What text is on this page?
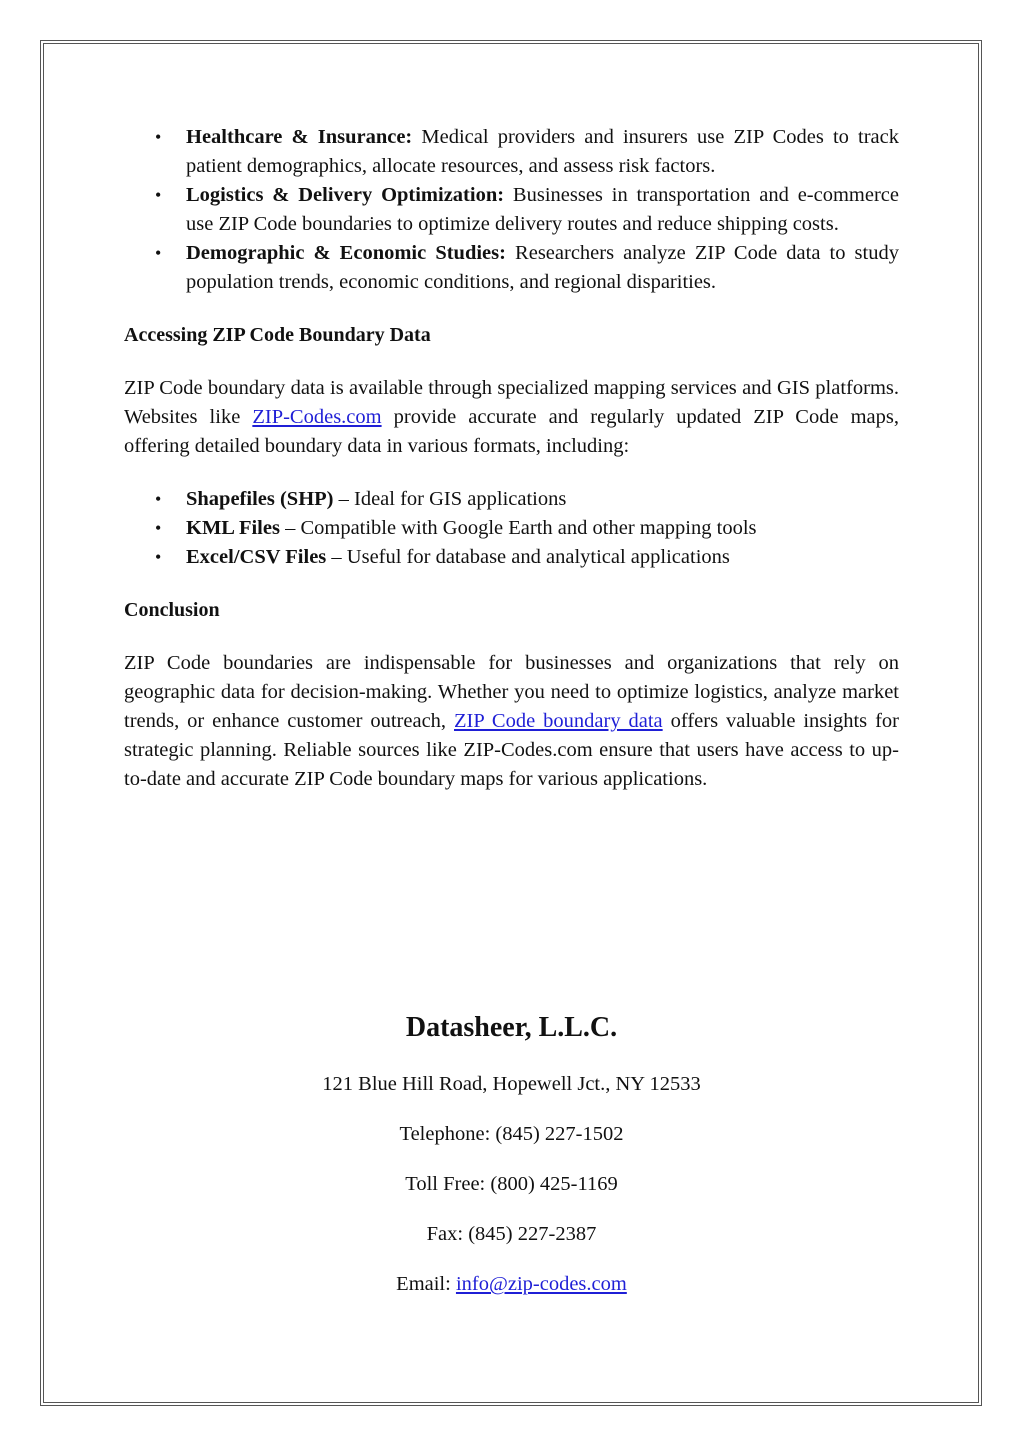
• Healthcare & Insurance: Medical providers and insurers use ZIP Codes to track patient demographics, allocate resources, and assess risk factors.
• Logistics & Delivery Optimization: Businesses in transportation and e-commerce use ZIP Code boundaries to optimize delivery routes and reduce shipping costs.
• Demographic & Economic Studies: Researchers analyze ZIP Code data to study population trends, economic conditions, and regional disparities.
Accessing ZIP Code Boundary Data

ZIP Code boundary data is available through specialized mapping services and GIS platforms. Websites like ZIP-Codes.com provide accurate and regularly updated ZIP Code maps, offering detailed boundary data in various formats, including:

• Shapefiles (SHP) – Ideal for GIS applications
• KML Files – Compatible with Google Earth and other mapping tools
• Excel/CSV Files – Useful for database and analytical applications
Conclusion

ZIP Code boundaries are indispensable for businesses and organizations that rely on geographic data for decision-making. Whether you need to optimize logistics, analyze market trends, or enhance customer outreach, ZIP Code boundary data offers valuable insights for strategic planning. Reliable sources like ZIP-Codes.com ensure that users have access to up-to-date and accurate ZIP Code boundary maps for various applications.

Datasheer, L.L.C.
121 Blue Hill Road, Hopewell Jct., NY 12533
Telephone: (845) 227-1502
Toll Free: (800) 425-1169
Fax: (845) 227-2387
Email: info@zip-codes.com
